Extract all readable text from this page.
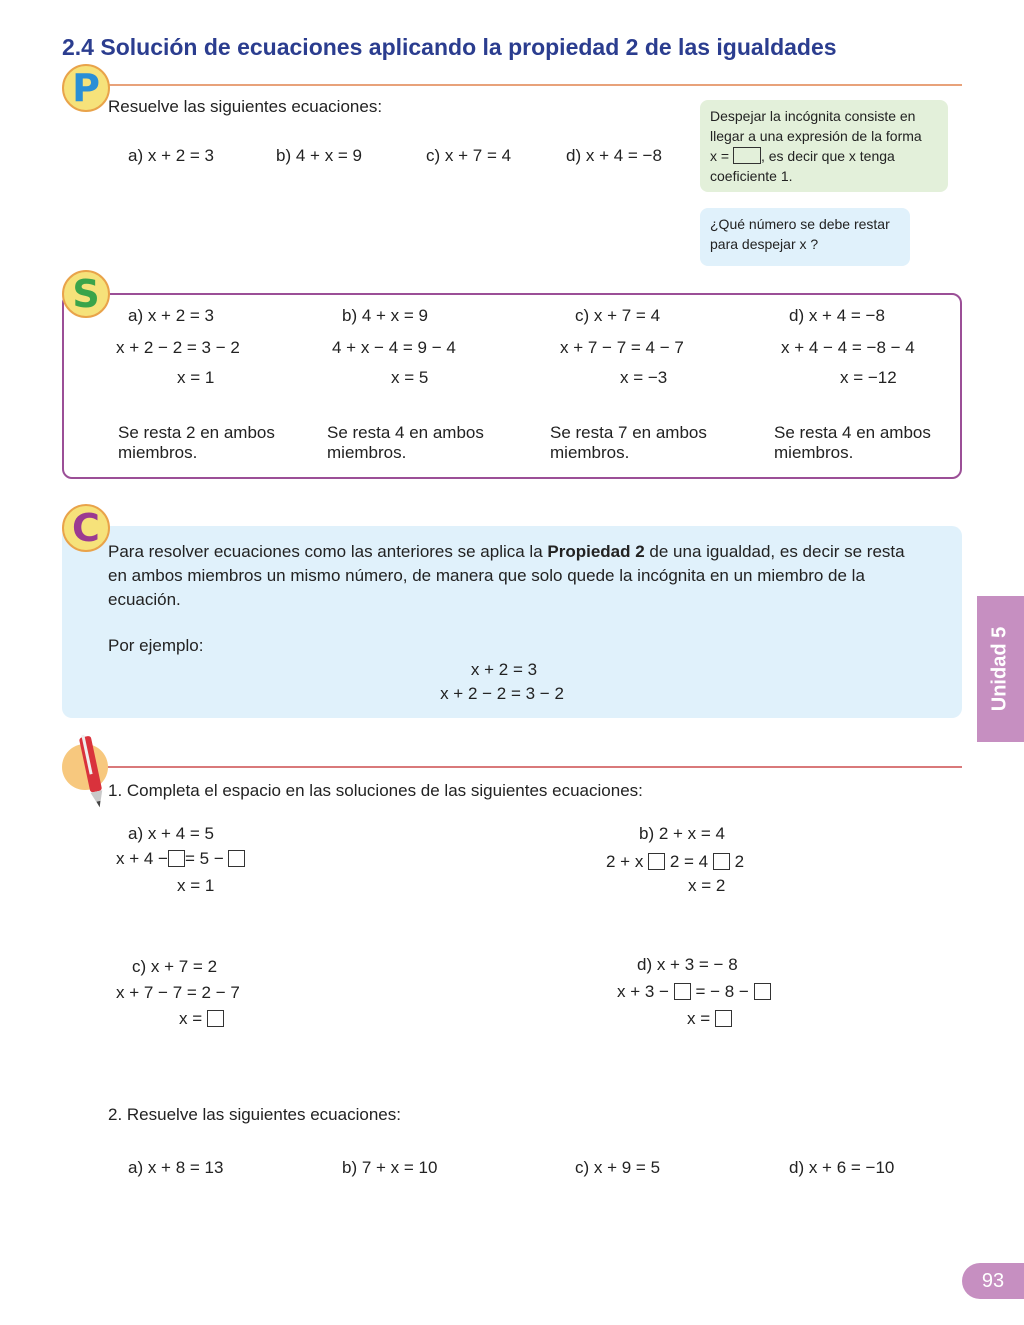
2.4 Solución de ecuaciones aplicando la propiedad 2 de las igualdades
P Resuelve las siguientes ecuaciones:
a) x + 2 = 3	b) 4 + x = 9	c) x + 7 = 4	d) x + 4 = −8
Despejar la incógnita consiste en
llegar a una expresión de la forma
x = , es decir que x tenga
coeficiente 1.
¿Qué número se debe restar
para despejar x ?
S	a) x + 2 = 3
x + 2 − 2 = 3 − 2
x = 1
Se resta 2 en ambos
miembros.
b) 4 + x = 9
4 + x − 4 = 9 − 4
x = 5
Se resta 4 en ambos
miembros.
c) x + 7 = 4
x + 7 − 7 = 4 − 7
x = −3
Se resta 7 en ambos
miembros.
d) x + 4 = −8
x + 4 − 4 = −8 − 4
x = −12
Se resta 4 en ambos
miembros.
C
Para resolver ecuaciones como las anteriores se aplica la Propiedad 2 de una igualdad, es decir se resta
en ambos miembros un mismo número, de manera que solo quede la incógnita en un miembro de la
ecuación.
Por ejemplo:
x + 2 = 3
x + 2 − 2 = 3 − 2
1. Completa el espacio en las soluciones de las siguientes ecuaciones:
a) x + 4 = 5
x + 4 − = 5 −
x = 1
b) 2 + x = 4
2 + x 2 = 4 2
x = 2
c) x + 7 = 2
x + 7 − 7 = 2 − 7
x =
d) x + 3 = − 8
x + 3 − = − 8 −
x =
2. Resuelve las siguientes ecuaciones:
a) x + 8 = 13	b) 7 + x = 10	c) x + 9 = 5	d) x + 6 = −10
Unidad 5
93
